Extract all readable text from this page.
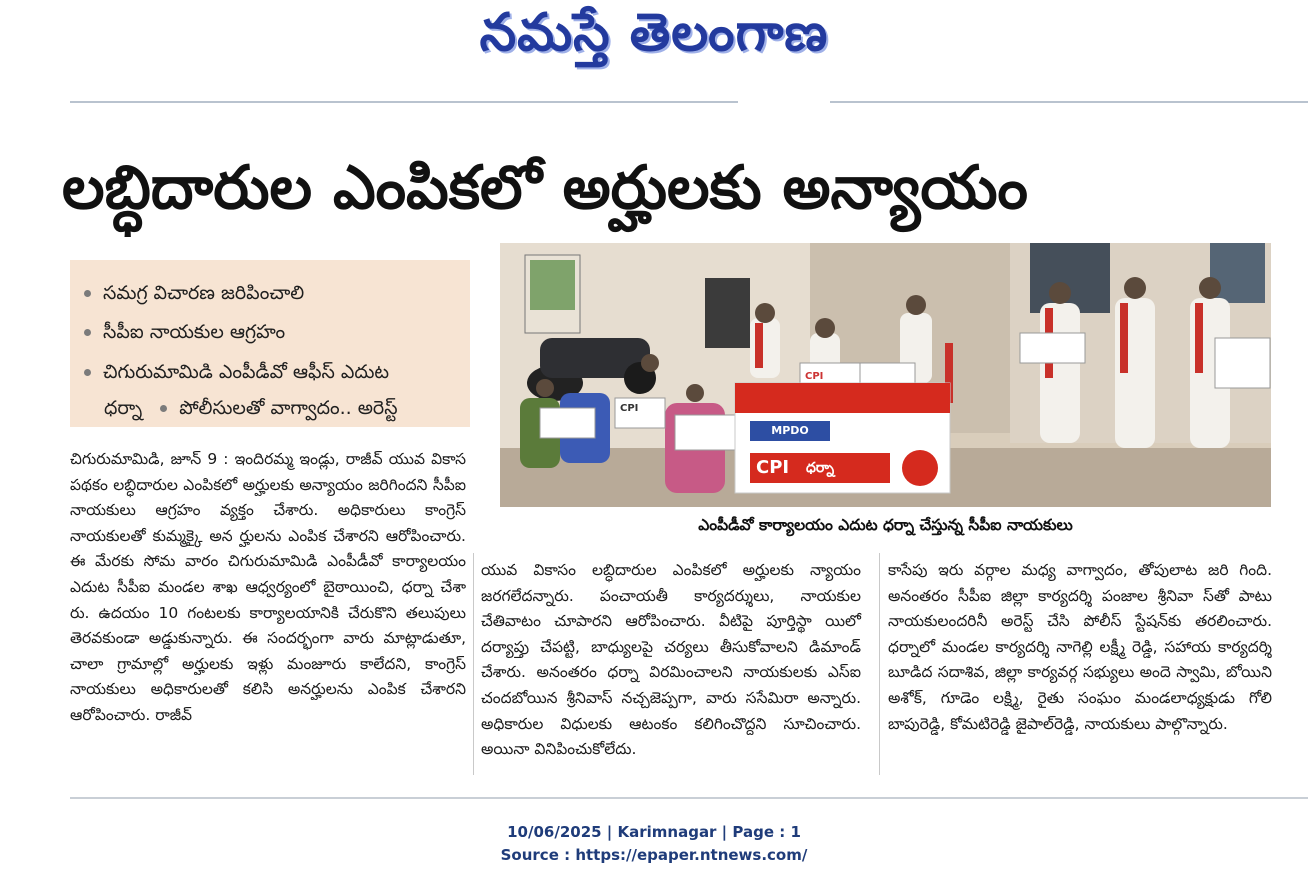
నమస్తే తెలంగాణ
లబ్ధిదారుల ఎంపికలో అర్హులకు అన్యాయం
సమగ్ర విచారణ జరిపించాలి
సీపీఐ నాయకుల ఆగ్రహం
చిగురుమామిడి ఎంపీడీవో ఆఫీస్ ఎదుట
ధర్నా పోలీసులతో వాగ్వాదం.. అరెస్ట్
MPDO
CPI ధర్నా
CPI
CPI
ఎంపీడీవో కార్యాలయం ఎదుట ధర్నా చేస్తున్న సీపీఐ నాయకులు

చిగురుమామిడి, జూన్ 9 : ఇందిరమ్మ ఇండ్లు, రాజీవ్ యువ వికాస పథకం లబ్ధిదారుల ఎంపికలో అర్హులకు అన్యాయం జరిగిందని సీపీఐ నాయకులు ఆగ్రహం వ్యక్తం చేశారు. అధికారులు కాంగ్రెస్ నాయకులతో కుమ్మక్కై అన ర్హులను ఎంపిక చేశారని ఆరోపించారు. ఈ మేరకు సోమ వారం చిగురుమామిడి ఎంపీడీవో కార్యాలయం ఎదుట సీపీఐ మండల శాఖ ఆధ్వర్యంలో బైఠాయించి, ధర్నా చేశా రు. ఉదయం 10 గంటలకు కార్యాలయానికి చేరుకొని తలుపులు తెరవకుండా అడ్డుకున్నారు. ఈ సందర్భంగా వారు మాట్లాడుతూ, చాలా గ్రామాల్లో అర్హులకు ఇళ్లు మంజూరు కాలేదని, కాంగ్రెస్ నాయకులు అధికారులతో కలిసి అనర్హులను ఎంపిక చేశారని ఆరోపించారు. రాజీవ్

యువ వికాసం లబ్ధిదారుల ఎంపికలో అర్హులకు న్యాయం జరగలేదన్నారు. పంచాయతీ కార్యదర్శులు, నాయకుల చేతివాటం చూపారని ఆరోపించారు. వీటిపై పూర్తిస్థా యిలో దర్యాప్తు చేపట్టి, బాధ్యులపై చర్యలు తీసుకోవాలని డిమాండ్ చేశారు. అనంతరం ధర్నా విరమించాలని నాయకులకు ఎస్ఐ చందబోయిన శ్రీనివాస్ నచ్చజెప్పగా, వారు ససేమిరా అన్నారు. అధికారుల విధులకు ఆటంకం కలిగించొద్దని సూచించారు. అయినా వినిపించుకోలేదు.

కాసేపు ఇరు వర్గాల మధ్య వాగ్వాదం, తోపులాట జరి గింది. అనంతరం సీపీఐ జిల్లా కార్యదర్శి పంజాల శ్రీనివా స్‌తో పాటు నాయకులందరినీ అరెస్ట్ చేసి పోలీస్ స్టేషన్‌కు తరలించారు. ధర్నాలో మండల కార్యదర్శి నాగెల్లి లక్ష్మీ రెడ్డి, సహాయ కార్యదర్శి బూడిద సదాశివ, జిల్లా కార్యవర్గ సభ్యులు అందె స్వామి, బోయిని అశోక్, గూడెం లక్ష్మి, రైతు సంఘం మండలాధ్యక్షుడు గోలి బాపురెడ్డి, కోమటిరెడ్డి జైపాల్‌రెడ్డి, నాయకులు పాల్గొన్నారు.

10/06/2025 | Karimnagar | Page : 1
Source : https://epaper.ntnews.com/
